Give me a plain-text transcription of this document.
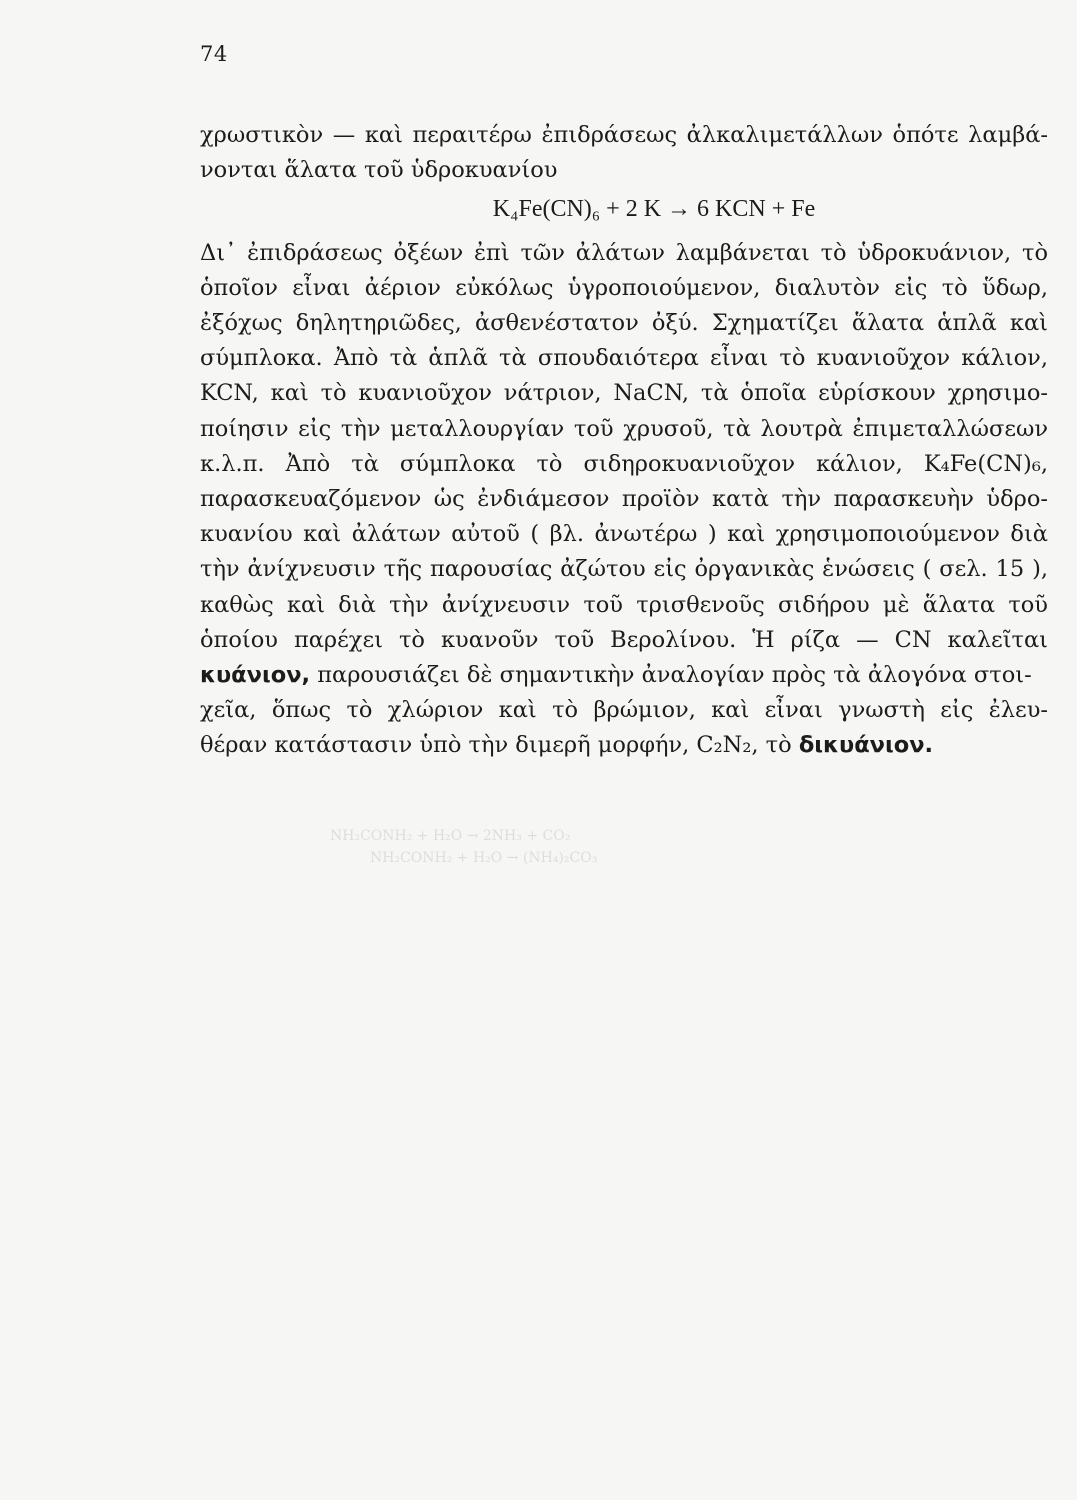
74
χρωστικὸν — καὶ περαιτέρω ἐπιδράσεως ἀλκαλιμετάλλων ὁπότε λαμβά-
νονται ἅλατα τοῦ ὑδροκυανίου
K₄Fe(CN)₆ + 2 K → 6 KCN + Fe
Δι᾿ ἐπιδράσεως ὀξέων ἐπὶ τῶν ἀλάτων λαμβάνεται τὸ ὑδροκυάνιον, τὸ
ὁποῖον εἶναι ἀέριον εὐκόλως ὑγροποιούμενον, διαλυτὸν εἰς τὸ ὕδωρ,
ἐξόχως δηλητηριῶδες, ἀσθενέστατον ὀξύ. Σχηματίζει ἅλατα ἁπλᾶ καὶ
σύμπλοκα. Ἀπὸ τὰ ἁπλᾶ τὰ σπουδαιότερα εἶναι τὸ κυανιοῦχον κάλιον,
KCN, καὶ τὸ κυανιοῦχον νάτριον, NaCN, τὰ ὁποῖα εὑρίσκουν χρησιμο-
ποίησιν εἰς τὴν μεταλλουργίαν τοῦ χρυσοῦ, τὰ λουτρὰ ἐπιμεταλλώσεων
κ.λ.π. Ἀπὸ τὰ σύμπλοκα τὸ σιδηροκυανιοῦχον κάλιον, K₄Fe(CN)₆,
παρασκευαζόμενον ὡς ἐνδιάμεσον προϊὸν κατὰ τὴν παρασκευὴν ὑδρο-
κυανίου καὶ ἀλάτων αὐτοῦ ( βλ. ἀνωτέρω ) καὶ χρησιμοποιούμενον διὰ
τὴν ἀνίχνευσιν τῆς παρουσίας ἀζώτου εἰς ὀργανικὰς ἑνώσεις ( σελ. 15 ),
καθὼς καὶ διὰ τὴν ἀνίχνευσιν τοῦ τρισθενοῦς σιδήρου μὲ ἅλατα τοῦ
ὁποίου παρέχει τὸ κυανοῦν τοῦ Βερολίνου. Ἡ ρίζα — CN καλεῖται
κυάνιον, παρουσιάζει δὲ σημαντικὴν ἀναλογίαν πρὸς τὰ ἀλογόνα στοι-
χεῖα, ὅπως τὸ χλώριον καὶ τὸ βρώμιον, καὶ εἶναι γνωστὴ εἰς ἐλευ-
θέραν κατάστασιν ὑπὸ τὴν διμερῆ μορφήν, C₂N₂, τὸ δικυάνιον.
NH₂CONH₂ + H₂O → 2NH₃ + CO₂
NH₂CONH₂ + H₂O → (NH₄)₂CO₃
